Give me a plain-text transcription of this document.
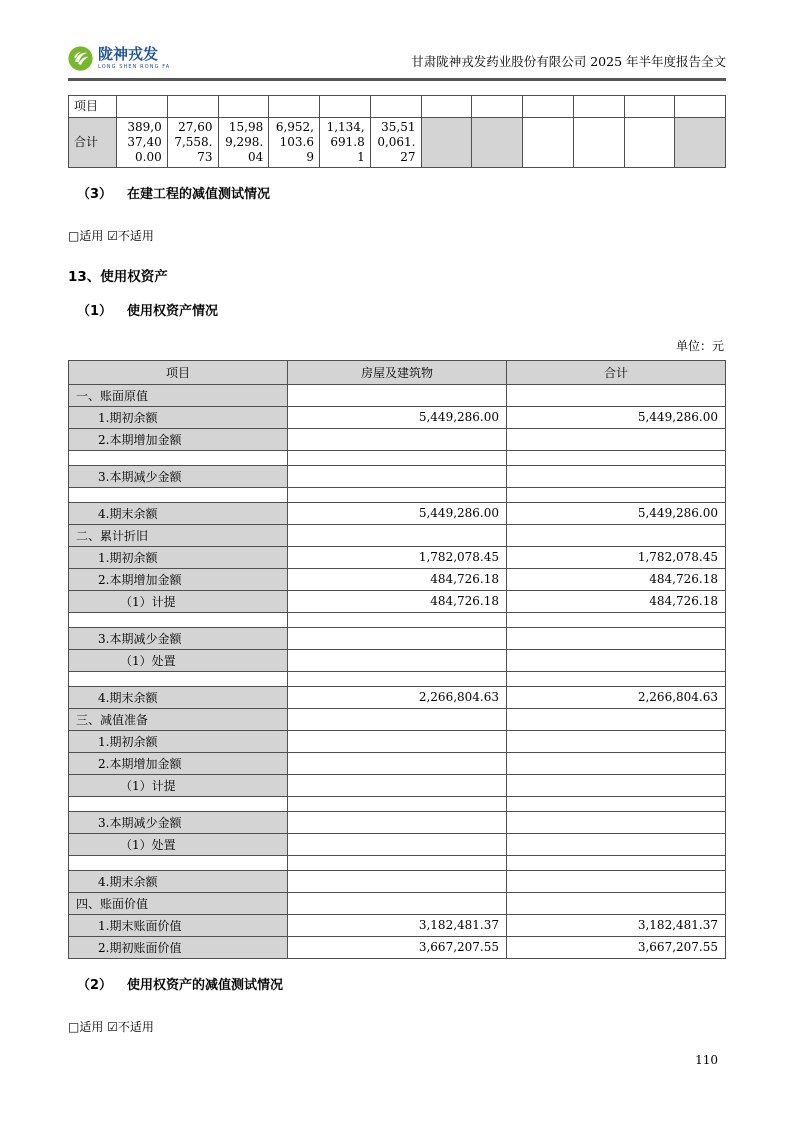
陇神戎发
LONG SHEN RONG FA	甘肃陇神戎发药业股份有限公司 2025 年半年度报告全文
项目												
合计	389,037,400.00	27,607,558.73	15,989,298.04	6,952,103.69	1,134,691.81	35,510,061.27						
（3） 在建工程的减值测试情况
□适用 ☑不适用
13、使用权资产
（1） 使用权资产情况
单位：元
项目	房屋及建筑物	合计
一、账面原值		
1.期初余额	5,449,286.00	5,449,286.00
2.本期增加金额		

3.本期减少金额		

4.期末余额	5,449,286.00	5,449,286.00
二、累计折旧		
1.期初余额	1,782,078.45	1,782,078.45
2.本期增加金额	484,726.18	484,726.18
（1）计提	484,726.18	484,726.18

3.本期减少金额		
（1）处置		

4.期末余额	2,266,804.63	2,266,804.63
三、减值准备		
1.期初余额		
2.本期增加金额		
（1）计提		

3.本期减少金额		
（1）处置		

4.期末余额		
四、账面价值		
1.期末账面价值	3,182,481.37	3,182,481.37
2.期初账面价值	3,667,207.55	3,667,207.55
（2） 使用权资产的减值测试情况
□适用 ☑不适用
110
